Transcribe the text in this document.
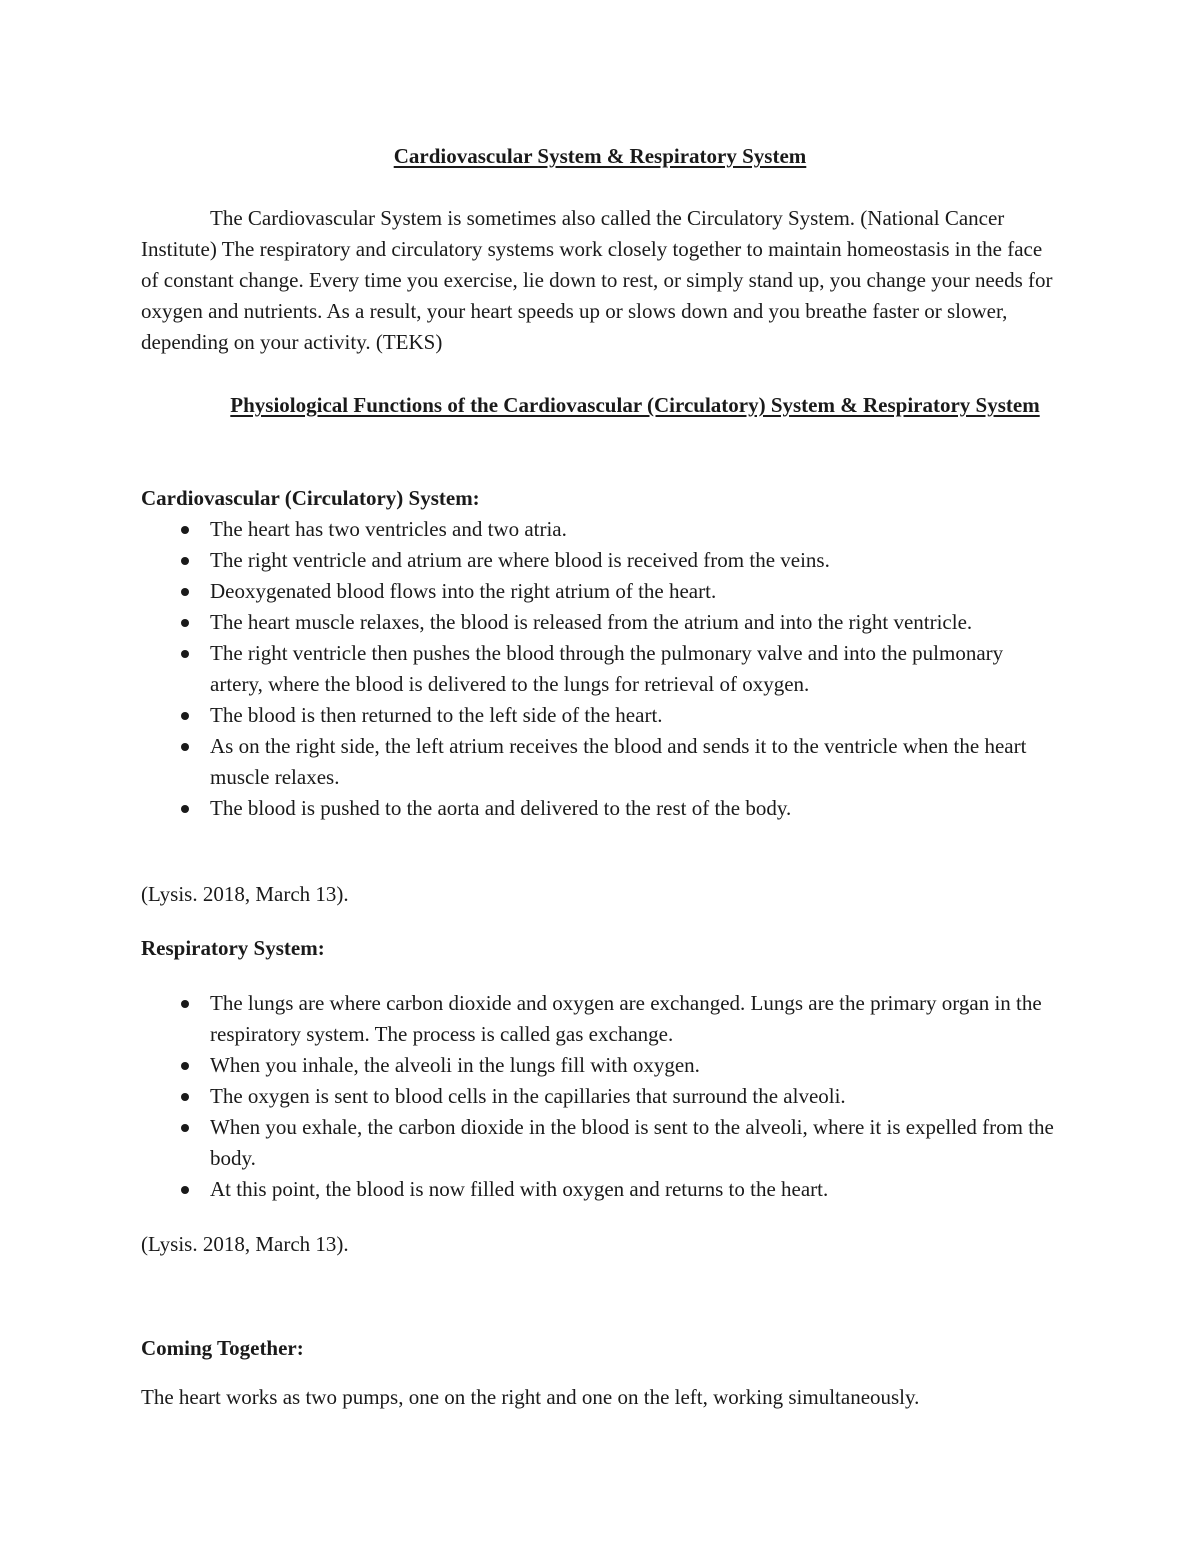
Cardiovascular System & Respiratory System

The Cardiovascular System is sometimes also called the Circulatory System. (National Cancer Institute) The respiratory and circulatory systems work closely together to maintain homeostasis in the face of constant change. Every time you exercise, lie down to rest, or simply stand up, you change your needs for oxygen and nutrients. As a result, your heart speeds up or slows down and you breathe faster or slower, depending on your activity. (TEKS)

Physiological Functions of the Cardiovascular (Circulatory) System & Respiratory System

Cardiovascular (Circulatory) System:

The heart has two ventricles and two atria.
The right ventricle and atrium are where blood is received from the veins.
Deoxygenated blood flows into the right atrium of the heart.
The heart muscle relaxes, the blood is released from the atrium and into the right ventricle.
The right ventricle then pushes the blood through the pulmonary valve and into the pulmonary artery, where the blood is delivered to the lungs for retrieval of oxygen.
The blood is then returned to the left side of the heart.
As on the right side, the left atrium receives the blood and sends it to the ventricle when the heart muscle relaxes.
The blood is pushed to the aorta and delivered to the rest of the body.

(Lysis. 2018, March 13).

Respiratory System:

The lungs are where carbon dioxide and oxygen are exchanged. Lungs are the primary organ in the respiratory system. The process is called gas exchange.
When you inhale, the alveoli in the lungs fill with oxygen.
The oxygen is sent to blood cells in the capillaries that surround the alveoli.
When you exhale, the carbon dioxide in the blood is sent to the alveoli, where it is expelled from the body.
At this point, the blood is now filled with oxygen and returns to the heart.

(Lysis. 2018, March 13).

Coming Together:

The heart works as two pumps, one on the right and one on the left, working simultaneously.
